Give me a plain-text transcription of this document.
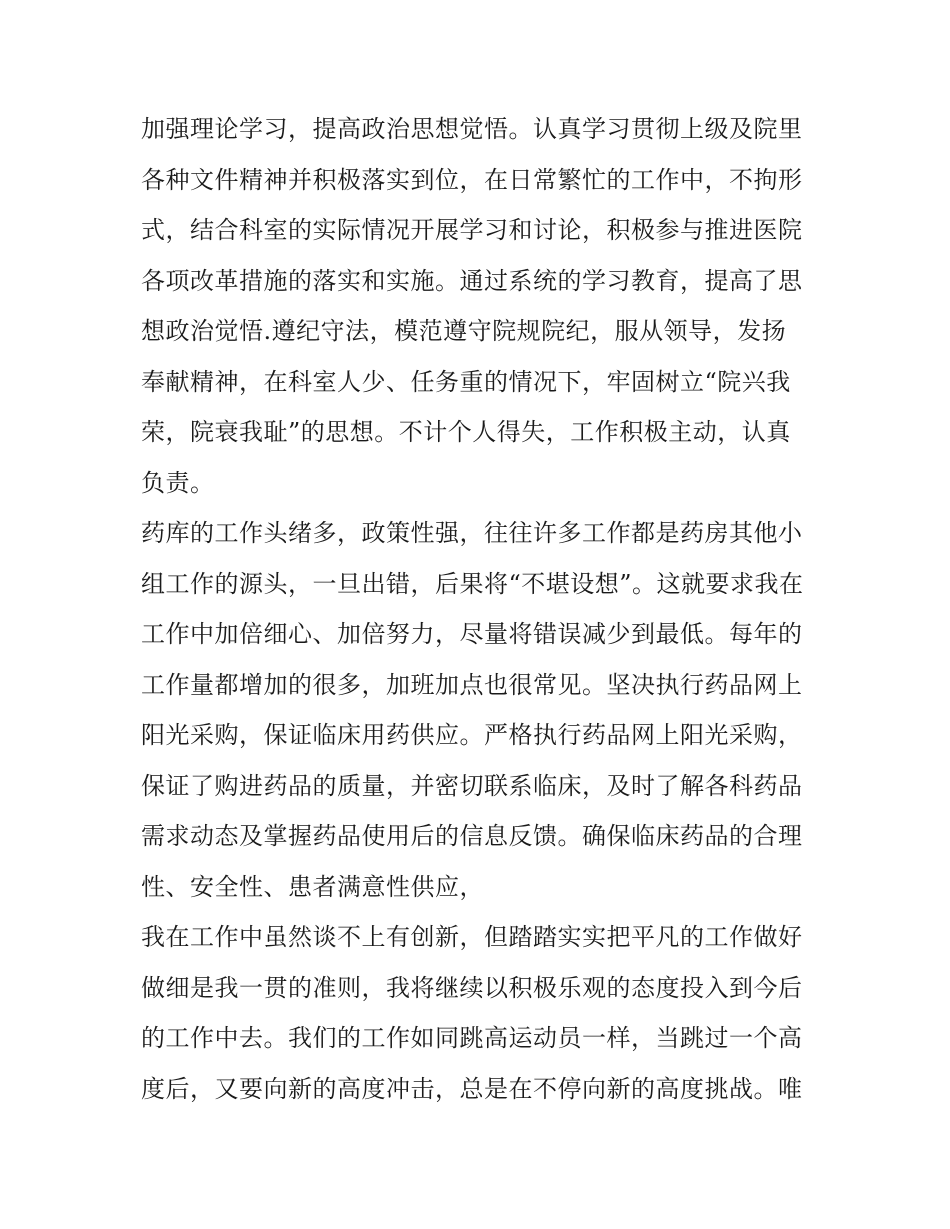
加强理论学习，提高政治思想觉悟。认真学习贯彻上级及院里
各种文件精神并积极落实到位，在日常繁忙的工作中，不拘形
式，结合科室的实际情况开展学习和讨论，积极参与推进医院
各项改革措施的落实和实施。通过系统的学习教育，提高了思
想政治觉悟.遵纪守法，模范遵守院规院纪，服从领导，发扬
奉献精神，在科室人少、任务重的情况下，牢固树立“院兴我
荣，院衰我耻”的思想。不计个人得失，工作积极主动，认真
负责。
药库的工作头绪多，政策性强，往往许多工作都是药房其他小
组工作的源头，一旦出错，后果将“不堪设想”。这就要求我在
工作中加倍细心、加倍努力，尽量将错误减少到最低。每年的
工作量都增加的很多，加班加点也很常见。坚决执行药品网上
阳光采购，保证临床用药供应。严格执行药品网上阳光采购，
保证了购进药品的质量，并密切联系临床，及时了解各科药品
需求动态及掌握药品使用后的信息反馈。确保临床药品的合理
性、安全性、患者满意性供应，
我在工作中虽然谈不上有创新，但踏踏实实把平凡的工作做好
做细是我一贯的准则，我将继续以积极乐观的态度投入到今后
的工作中去。我们的工作如同跳高运动员一样，当跳过一个高
度后，又要向新的高度冲击，总是在不停向新的高度挑战。唯
